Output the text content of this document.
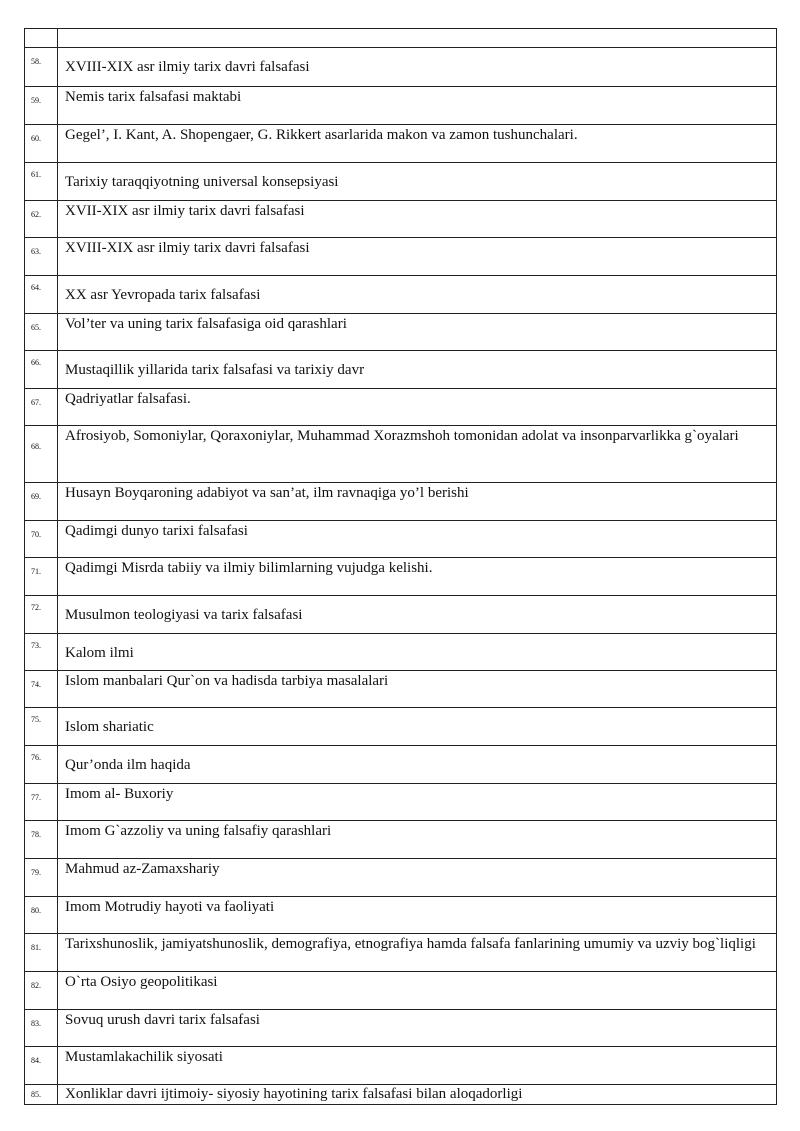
58.	XVIII-XIX asr ilmiy tarix davri falsafasi
59.	Nemis tarix falsafasi maktabi
60.	Gegel’, I. Kant, A. Shopengaer, G. Rikkert asarlarida makon va zamon tushunchalari.
61.	Tarixiy taraqqiyotning universal konsepsiyasi
62.	XVII-XIX asr ilmiy tarix davri falsafasi
63.	XVIII-XIX asr ilmiy tarix davri falsafasi
64.	XX asr Yevropada tarix falsafasi
65.	Vol’ter va uning tarix falsafasiga oid qarashlari
66.	Mustaqillik yillarida tarix falsafasi va tarixiy davr
67.	Qadriyatlar falsafasi.
68.	Afrosiyob, Somoniylar, Qoraxoniylar, Muhammad Xorazmshoh tomonidan adolat va insonparvarlikka g`oyalari
69.	Husayn Boyqaroning adabiyot va san’at, ilm ravnaqiga yo’l berishi
70.	Qadimgi dunyo tarixi falsafasi
71.	Qadimgi Misrda tabiiy va ilmiy bilimlarning vujudga kelishi.
72.	Musulmon teologiyasi va tarix falsafasi
73.	Kalom ilmi
74.	Islom manbalari Qur`on va hadisda tarbiya masalalari
75.	Islom shariatic
76.	Qur’onda ilm haqida
77.	Imom al- Buxoriy
78.	Imom G`azzoliy va uning falsafiy qarashlari
79.	Mahmud az-Zamaxshariy
80.	Imom Motrudiy hayoti va faoliyati
81.	Tarixshunoslik, jamiyatshunoslik, demografiya, etnografiya hamda falsafa fanlarining umumiy va uzviy bog`liqligi
82.	O`rta Osiyo geopolitikasi
83.	Sovuq urush davri tarix falsafasi
84.	Mustamlakachilik siyosati
85.	Xonliklar davri ijtimoiy- siyosiy hayotining tarix falsafasi bilan aloqadorligi
